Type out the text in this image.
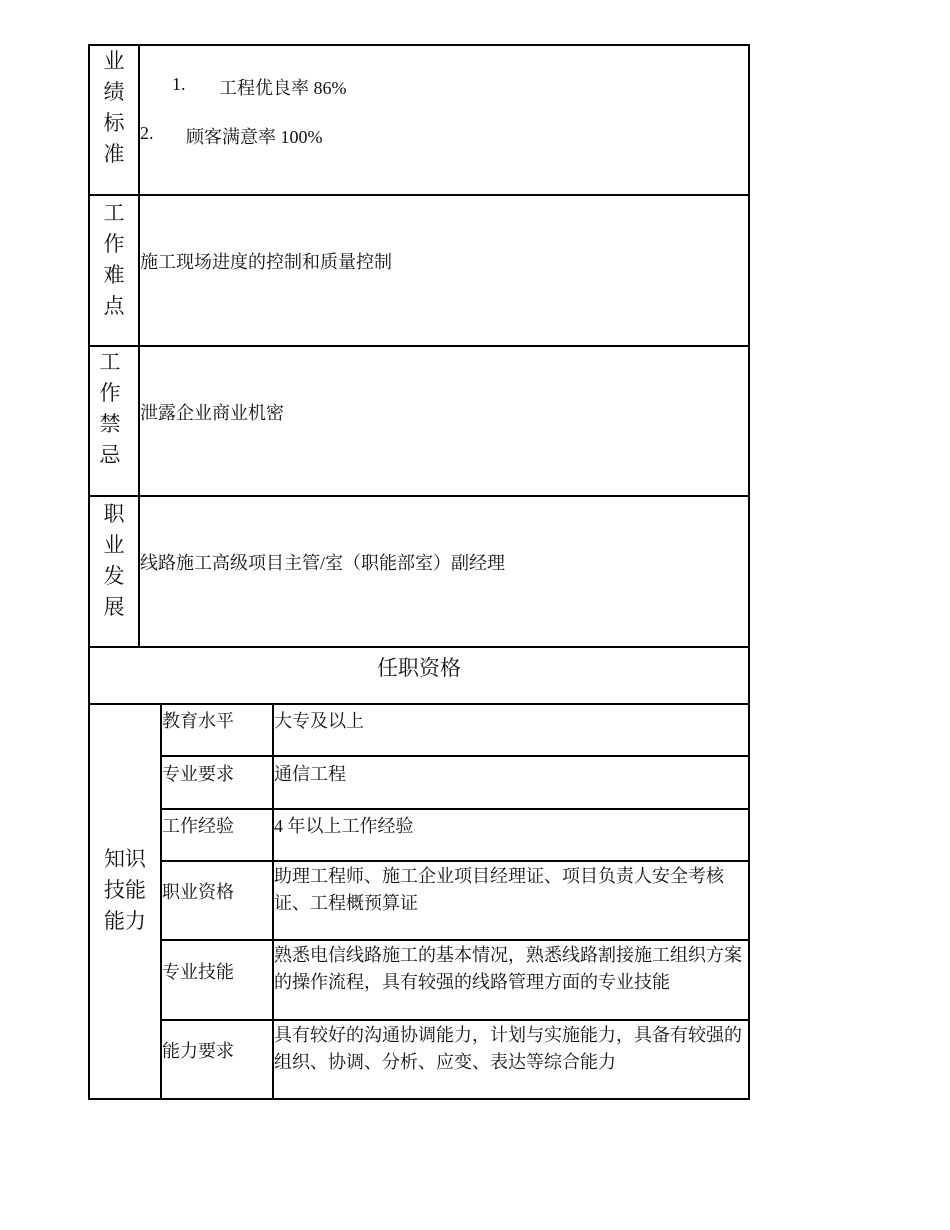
业
绩
标
准
1. 工程优良率 86%
2. 顾客满意率 100%
工
作
难
点
施工现场进度的控制和质量控制
工
作
禁
忌
泄露企业商业机密
职
业
发
展
线路施工高级项目主管/室（职能部室）副经理
任职资格
知识
技能
能力
教育水平 大专及以上
专业要求 通信工程
工作经验 4 年以上工作经验
职业资格
助理工程师、施工企业项目经理证、项目负责人安全考核证、工程概预算证
专业技能
熟悉电信线路施工的基本情况，熟悉线路割接施工组织方案的操作流程，具有较强的线路管理方面的专业技能
能力要求
具有较好的沟通协调能力，计划与实施能力，具备有较强的组织、协调、分析、应变、表达等综合能力
